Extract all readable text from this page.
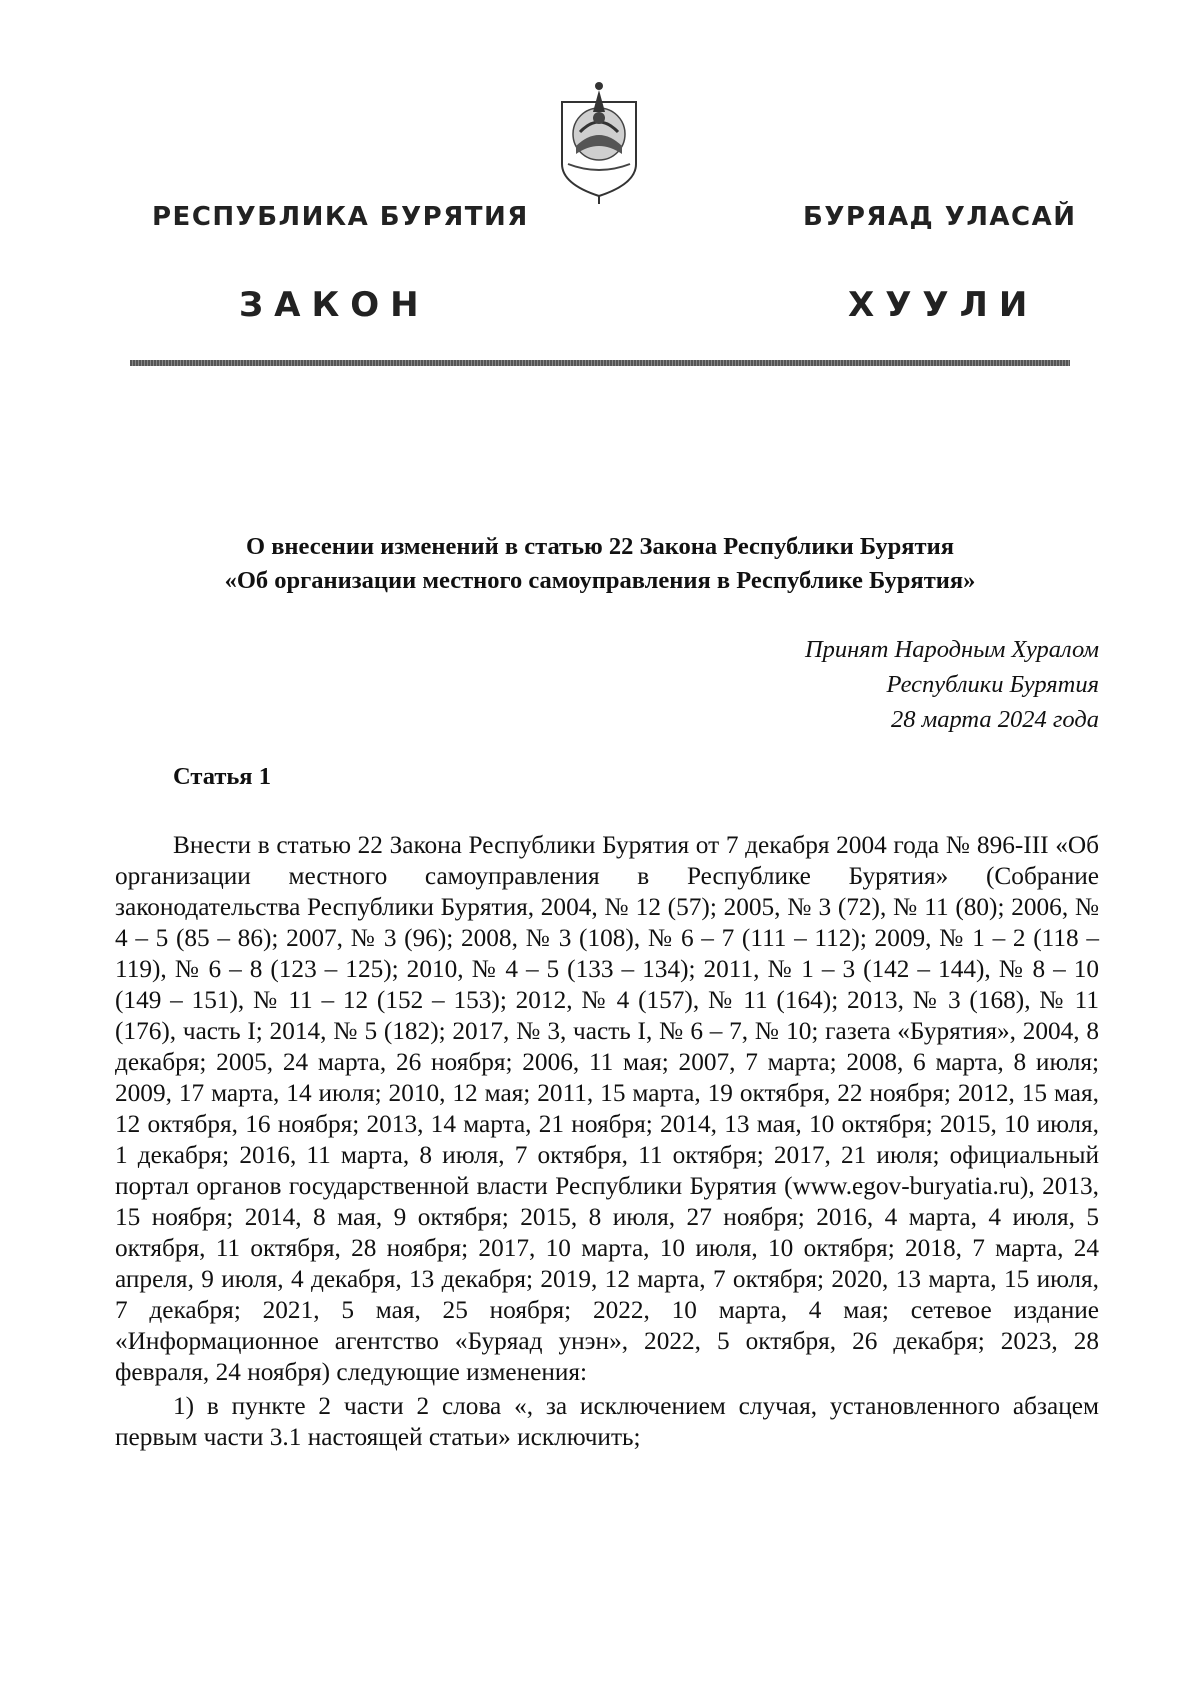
РЕСПУБЛИКА БУРЯТИЯ	БУРЯАД УЛАСАЙ
ЗАКОН	ХУУЛИ
О внесении изменений в статью 22 Закона Республики Бурятия
«Об организации местного самоуправления в Республике Бурятия»
Принят Народным Хуралом
Республики Бурятия
28 марта 2024 года
Статья 1

Внести в статью 22 Закона Республики Бурятия от 7 декабря 2004 года № 896-III «Об организации местного самоуправления в Республике Бурятия» (Собрание законодательства Республики Бурятия, 2004, № 12 (57); 2005, № 3 (72), № 11 (80); 2006, № 4 – 5 (85 – 86); 2007, № 3 (96); 2008, № 3 (108), № 6 – 7 (111 – 112); 2009, № 1 – 2 (118 – 119), № 6 – 8 (123 – 125); 2010, № 4 – 5 (133 – 134); 2011, № 1 – 3 (142 – 144), № 8 – 10 (149 – 151), № 11 – 12 (152 – 153); 2012, № 4 (157), № 11 (164); 2013, № 3 (168), № 11 (176), часть I; 2014, № 5 (182); 2017, № 3, часть I, № 6 – 7, № 10; газета «Бурятия», 2004, 8 декабря; 2005, 24 марта, 26 ноября; 2006, 11 мая; 2007, 7 марта; 2008, 6 марта, 8 июля; 2009, 17 марта, 14 июля; 2010, 12 мая; 2011, 15 марта, 19 октября, 22 ноября; 2012, 15 мая, 12 октября, 16 ноября; 2013, 14 марта, 21 ноября; 2014, 13 мая, 10 октября; 2015, 10 июля, 1 декабря; 2016, 11 марта, 8 июля, 7 октября, 11 октября; 2017, 21 июля; официальный портал органов государственной власти Республики Бурятия (www.egov-buryatia.ru), 2013, 15 ноября; 2014, 8 мая, 9 октября; 2015, 8 июля, 27 ноября; 2016, 4 марта, 4 июля, 5 октября, 11 октября, 28 ноября; 2017, 10 марта, 10 июля, 10 октября; 2018, 7 марта, 24 апреля, 9 июля, 4 декабря, 13 декабря; 2019, 12 марта, 7 октября; 2020, 13 марта, 15 июля, 7 декабря; 2021, 5 мая, 25 ноября; 2022, 10 марта, 4 мая; сетевое издание «Информационное агентство «Буряад унэн», 2022, 5 октября, 26 декабря; 2023, 28 февраля, 24 ноября) следующие изменения:

1) в пункте 2 части 2 слова «, за исключением случая, установленного абзацем первым части 3.1 настоящей статьи» исключить;
